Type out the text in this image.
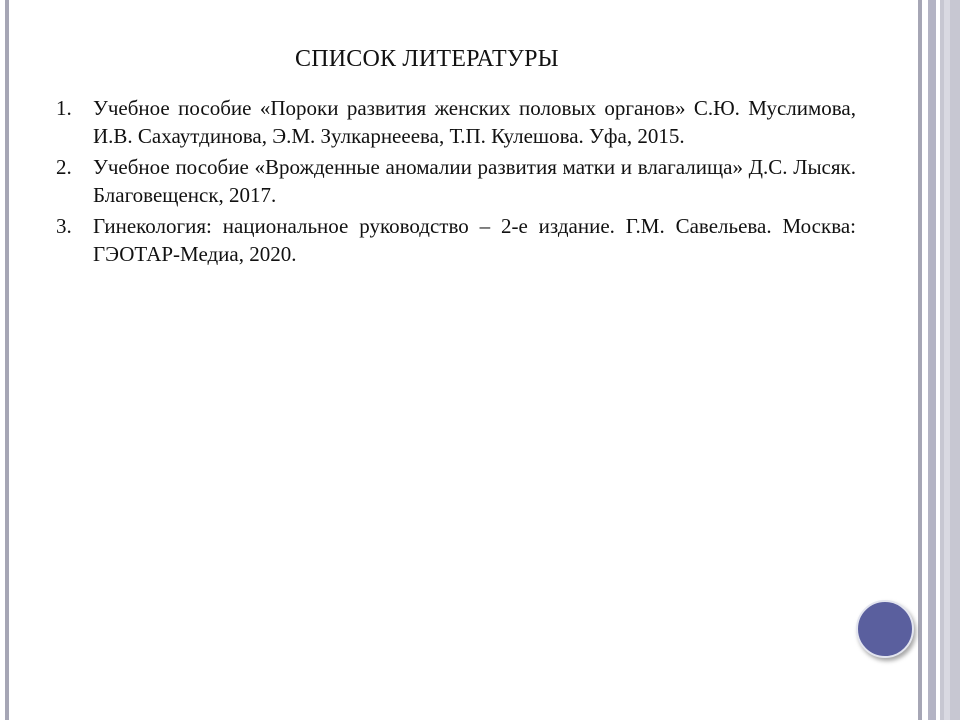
СПИСОК ЛИТЕРАТУРЫ
1. Учебное пособие «Пороки развития женских половых органов» С.Ю. Муслимова, И.В. Сахаутдинова, Э.М. Зулкарнееева, Т.П. Кулешова. Уфа, 2015.
2. Учебное пособие «Врожденные аномалии развития матки и влагалища» Д.С. Лысяк. Благовещенск, 2017.
3. Гинекология: национальное руководство – 2-е издание. Г.М. Савельева. Москва: ГЭОТАР-Медиа, 2020.
